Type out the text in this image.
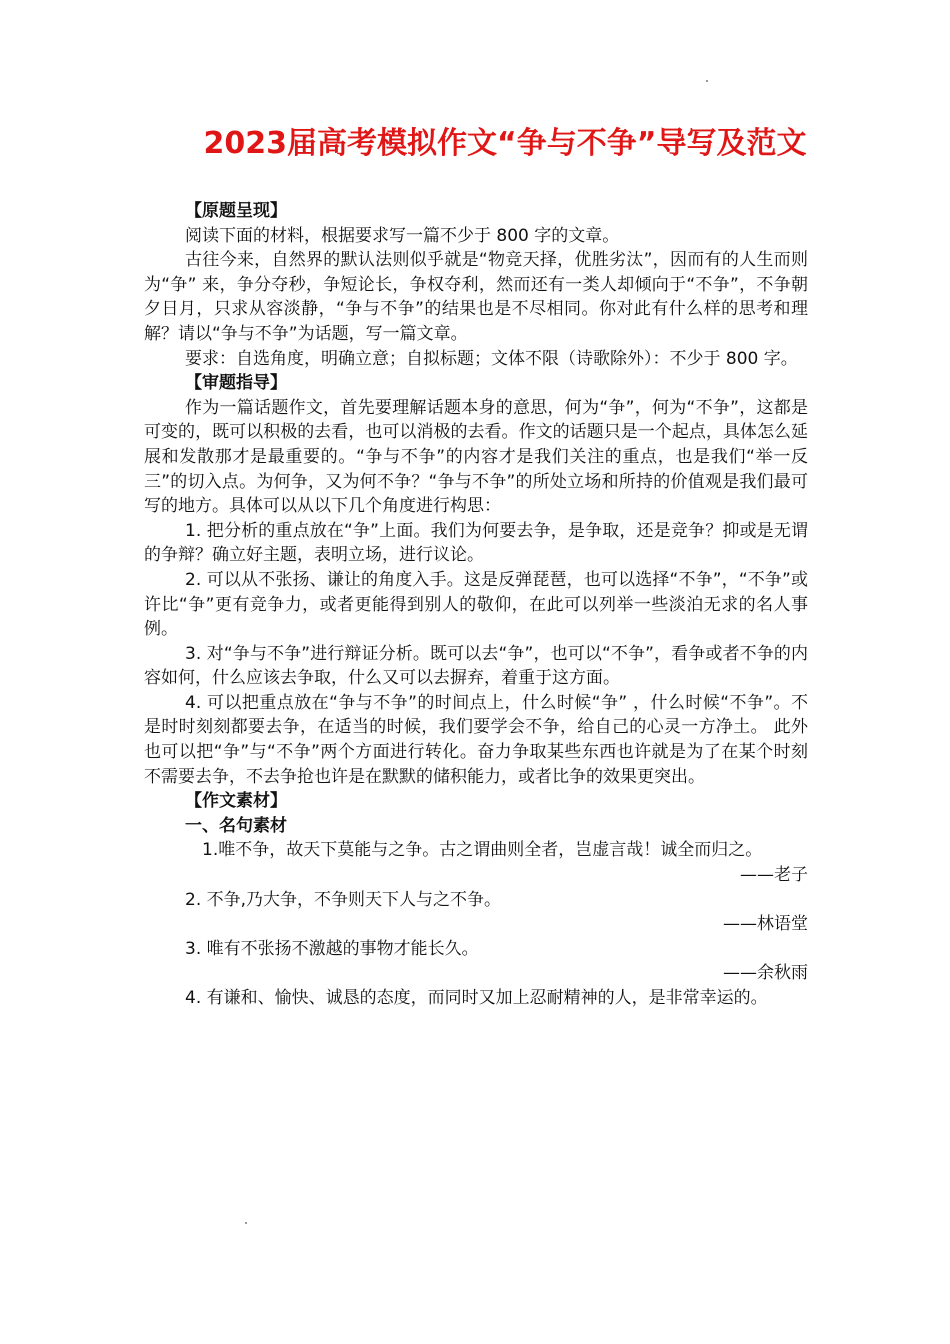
2023届高考模拟作文“争与不争”导写及范文

【原题呈现】

阅读下面的材料，根据要求写一篇不少于 800 字的文章。

古往今来，自然界的默认法则似乎就是“物竞天择，优胜劣汰”，因而有的人生而则为“争” 来，争分夺秒，争短论长，争权夺利，然而还有一类人却倾向于“不争”，不争朝夕日月，只求从容淡静，“争与不争”的结果也是不尽相同。你对此有什么样的思考和理解？请以“争与不争”为话题，写一篇文章。

要求：自选角度，明确立意；自拟标题；文体不限（诗歌除外）：不少于 800 字。

【审题指导】

作为一篇话题作文，首先要理解话题本身的意思，何为“争”，何为“不争”，这都是可变的，既可以积极的去看，也可以消极的去看。作文的话题只是一个起点，具体怎么延展和发散那才是最重要的。“争与不争”的内容才是我们关注的重点，也是我们“举一反三”的切入点。为何争，又为何不争？“争与不争”的所处立场和所持的价值观是我们最可写的地方。具体可以从以下几个角度进行构思：

1. 把分析的重点放在“争”上面。我们为何要去争，是争取，还是竞争？抑或是无谓的争辩？确立好主题，表明立场，进行议论。

2. 可以从不张扬、谦让的角度入手。这是反弹琵琶，也可以选择“不争”，“不争”或许比“争”更有竞争力，或者更能得到别人的敬仰，在此可以列举一些淡泊无求的名人事例。

3. 对“争与不争”进行辩证分析。既可以去“争”，也可以“不争”，看争或者不争的内容如何，什么应该去争取，什么又可以去摒弃，着重于这方面。

4. 可以把重点放在“争与不争”的时间点上，什么时候“争” ，什么时候“不争”。不是时时刻刻都要去争，在适当的时候，我们要学会不争，给自己的心灵一方净土。 此外也可以把“争”与“不争”两个方面进行转化。奋力争取某些东西也许就是为了在某个时刻不需要去争，不去争抢也许是在默默的储积能力，或者比争的效果更突出。

【作文素材】

一、名句素材

1.唯不争，故天下莫能与之争。古之谓曲则全者，岂虚言哉！诚全而归之。

——老子

2. 不争,乃大争，不争则天下人与之不争。

——林语堂

3. 唯有不张扬不激越的事物才能长久。

——余秋雨

4. 有谦和、愉快、诚恳的态度，而同时又加上忍耐精神的人，是非常幸运的。
